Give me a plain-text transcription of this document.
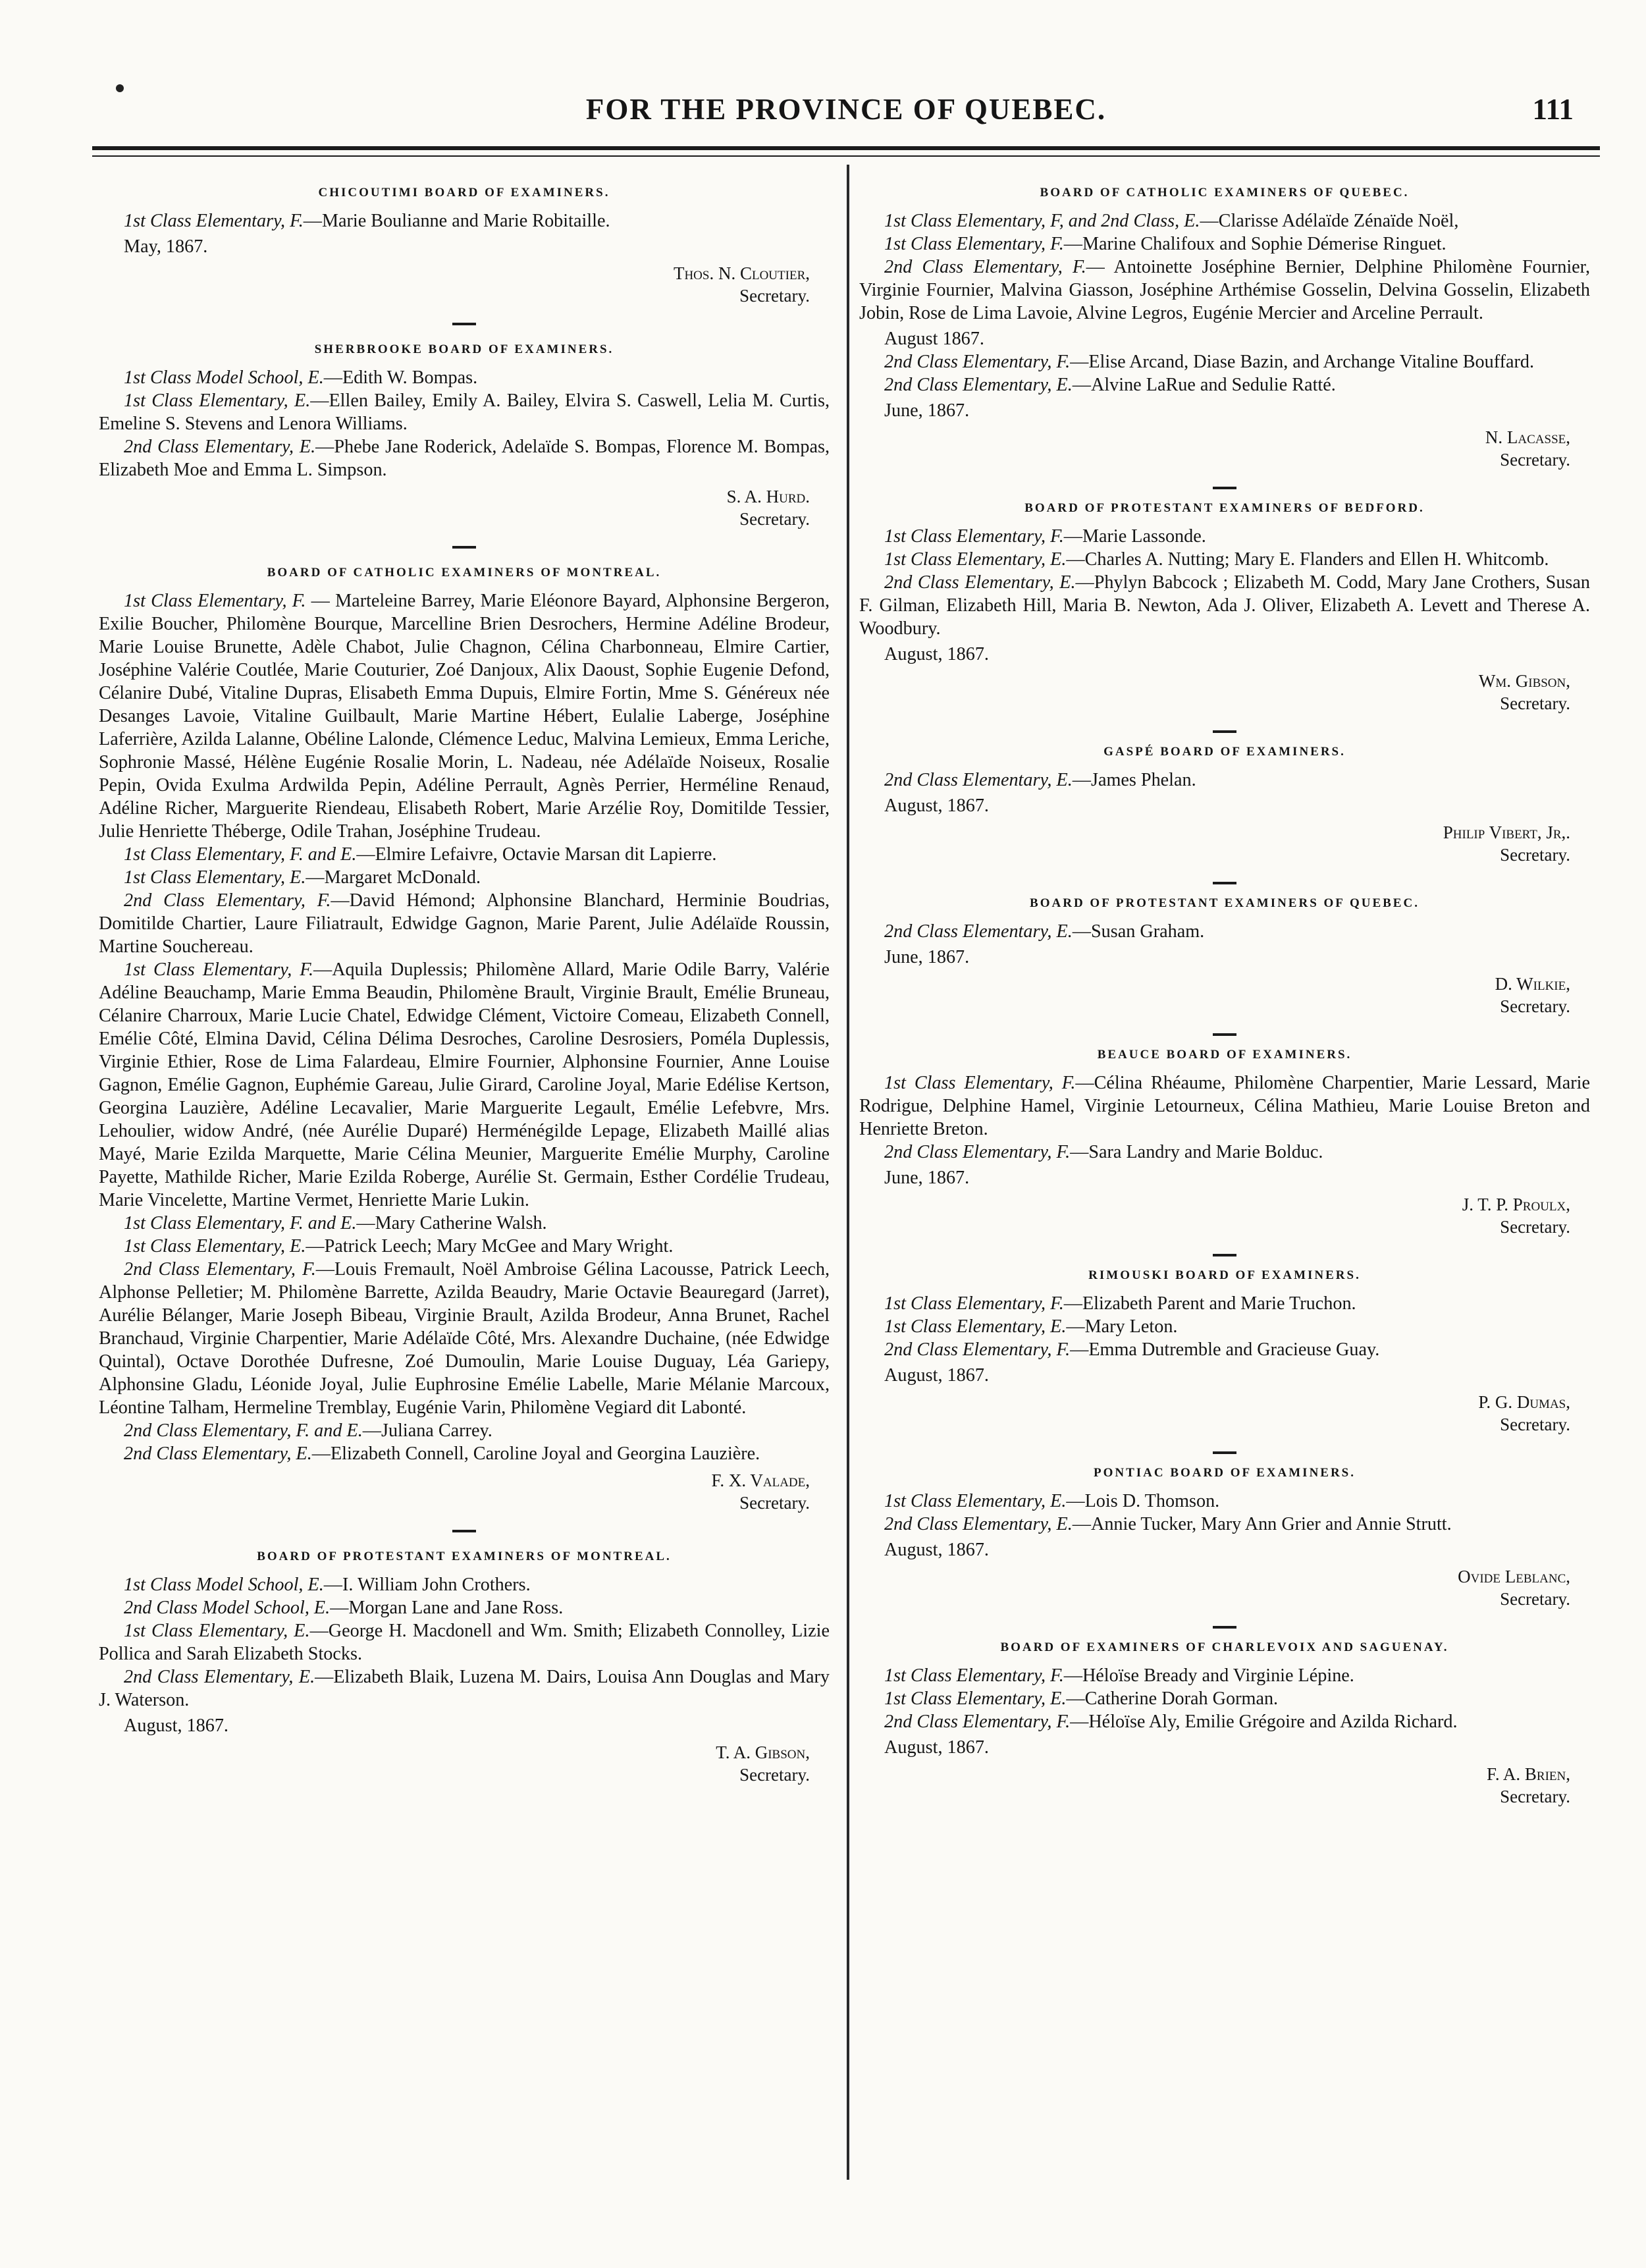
FOR THE PROVINCE OF QUEBEC.	111
CHICOUTIMI BOARD OF EXAMINERS.

1st Class Elementary, F.—Marie Boulianne and Marie Robitaille.

May, 1867.
Thos. N. Cloutier,
Secretary.
SHERBROOKE BOARD OF EXAMINERS.

1st Class Model School, E.—Edith W. Bompas.

1st Class Elementary, E.—Ellen Bailey, Emily A. Bailey, Elvira S. Caswell, Lelia M. Curtis, Emeline S. Stevens and Lenora Williams.

2nd Class Elementary, E.—Phebe Jane Roderick, Adelaïde S. Bompas, Florence M. Bompas, Elizabeth Moe and Emma L. Simpson.

S. A. Hurd.
Secretary.
BOARD OF CATHOLIC EXAMINERS OF MONTREAL.

1st Class Elementary, F. — Marteleine Barrey, Marie Eléonore Bayard, Alphonsine Bergeron, Exilie Boucher, Philomène Bourque, Marcelline Brien Desrochers, Hermine Adéline Brodeur, Marie Louise Brunette, Adèle Chabot, Julie Chagnon, Célina Charbonneau, Elmire Cartier, Joséphine Valérie Coutlée, Marie Couturier, Zoé Danjoux, Alix Daoust, Sophie Eugenie Defond, Célanire Dubé, Vitaline Dupras, Elisabeth Emma Dupuis, Elmire Fortin, Mme S. Généreux née Desanges Lavoie, Vitaline Guilbault, Marie Martine Hébert, Eulalie Laberge, Joséphine Laferrière, Azilda Lalanne, Obéline Lalonde, Clémence Leduc, Malvina Lemieux, Emma Leriche, Sophronie Massé, Hélène Eugénie Rosalie Morin, L. Nadeau, née Adélaïde Noiseux, Rosalie Pepin, Ovida Exulma Ardwilda Pepin, Adéline Perrault, Agnès Perrier, Herméline Renaud, Adéline Richer, Marguerite Riendeau, Elisabeth Robert, Marie Arzélie Roy, Domitilde Tessier, Julie Henriette Théberge, Odile Trahan, Joséphine Trudeau.

1st Class Elementary, F. and E.—Elmire Lefaivre, Octavie Marsan dit Lapierre.

1st Class Elementary, E.—Margaret McDonald.

2nd Class Elementary, F.—David Hémond; Alphonsine Blanchard, Herminie Boudrias, Domitilde Chartier, Laure Filiatrault, Edwidge Gagnon, Marie Parent, Julie Adélaïde Roussin, Martine Souchereau.

1st Class Elementary, F.—Aquila Duplessis; Philomène Allard, Marie Odile Barry, Valérie Adéline Beauchamp, Marie Emma Beaudin, Philomène Brault, Virginie Brault, Emélie Bruneau, Célanire Charroux, Marie Lucie Chatel, Edwidge Clément, Victoire Comeau, Elizabeth Connell, Emélie Côté, Elmina David, Célina Délima Desroches, Caroline Desrosiers, Poméla Duplessis, Virginie Ethier, Rose de Lima Falardeau, Elmire Fournier, Alphonsine Fournier, Anne Louise Gagnon, Emélie Gagnon, Euphémie Gareau, Julie Girard, Caroline Joyal, Marie Edélise Kertson, Georgina Lauzière, Adéline Lecavalier, Marie Marguerite Legault, Emélie Lefebvre, Mrs. Lehoulier, widow André, (née Aurélie Duparé) Herménégilde Lepage, Elizabeth Maillé alias Mayé, Marie Ezilda Marquette, Marie Célina Meunier, Marguerite Emélie Murphy, Caroline Payette, Mathilde Richer, Marie Ezilda Roberge, Aurélie St. Germain, Esther Cordélie Trudeau, Marie Vincelette, Martine Vermet, Henriette Marie Lukin.

1st Class Elementary, F. and E.—Mary Catherine Walsh.

1st Class Elementary, E.—Patrick Leech; Mary McGee and Mary Wright.

2nd Class Elementary, F.—Louis Fremault, Noël Ambroise Gélina Lacousse, Patrick Leech, Alphonse Pelletier; M. Philomène Barrette, Azilda Beaudry, Marie Octavie Beauregard (Jarret), Aurélie Bélanger, Marie Joseph Bibeau, Virginie Brault, Azilda Brodeur, Anna Brunet, Rachel Branchaud, Virginie Charpentier, Marie Adélaïde Côté, Mrs. Alexandre Duchaine, (née Edwidge Quintal), Octave Dorothée Dufresne, Zoé Dumoulin, Marie Louise Duguay, Léa Gariepy, Alphonsine Gladu, Léonide Joyal, Julie Euphrosine Emélie Labelle, Marie Mélanie Marcoux, Léontine Talham, Hermeline Tremblay, Eugénie Varin, Philomène Vegiard dit Labonté.

2nd Class Elementary, F. and E.—Juliana Carrey.

2nd Class Elementary, E.—Elizabeth Connell, Caroline Joyal and Georgina Lauzière.

F. X. Valade,
Secretary.
BOARD OF PROTESTANT EXAMINERS OF MONTREAL.

1st Class Model School, E.—I. William John Crothers.

2nd Class Model School, E.—Morgan Lane and Jane Ross.

1st Class Elementary, E.—George H. Macdonell and Wm. Smith; Elizabeth Connolley, Lizie Pollica and Sarah Elizabeth Stocks.

2nd Class Elementary, E.—Elizabeth Blaik, Luzena M. Dairs, Louisa Ann Douglas and Mary J. Waterson.

August, 1867.
T. A. Gibson,
Secretary.
BOARD OF CATHOLIC EXAMINERS OF QUEBEC.

1st Class Elementary, F, and 2nd Class, E.—Clarisse Adélaïde Zénaïde Noël,

1st Class Elementary, F.—Marine Chalifoux and Sophie Démerise Ringuet.

2nd Class Elementary, F.— Antoinette Joséphine Bernier, Delphine Philomène Fournier, Virginie Fournier, Malvina Giasson, Joséphine Arthémise Gosselin, Delvina Gosselin, Elizabeth Jobin, Rose de Lima Lavoie, Alvine Legros, Eugénie Mercier and Arceline Perrault.

August 1867.

2nd Class Elementary, F.—Elise Arcand, Diase Bazin, and Archange Vitaline Bouffard.

2nd Class Elementary, E.—Alvine LaRue and Sedulie Ratté.

June, 1867.
N. Lacasse,
Secretary.
BOARD OF PROTESTANT EXAMINERS OF BEDFORD.

1st Class Elementary, F.—Marie Lassonde.

1st Class Elementary, E.—Charles A. Nutting; Mary E. Flanders and Ellen H. Whitcomb.

2nd Class Elementary, E.—Phylyn Babcock ; Elizabeth M. Codd, Mary Jane Crothers, Susan F. Gilman, Elizabeth Hill, Maria B. Newton, Ada J. Oliver, Elizabeth A. Levett and Therese A. Woodbury.

August, 1867.
Wm. Gibson,
Secretary.
GASPÉ BOARD OF EXAMINERS.

2nd Class Elementary, E.—James Phelan.

August, 1867.
Philip Vibert, Jr,.
Secretary.
BOARD OF PROTESTANT EXAMINERS OF QUEBEC.

2nd Class Elementary, E.—Susan Graham.

June, 1867.
D. Wilkie,
Secretary.
BEAUCE BOARD OF EXAMINERS.

1st Class Elementary, F.—Célina Rhéaume, Philomène Charpentier, Marie Lessard, Marie Rodrigue, Delphine Hamel, Virginie Letourneux, Célina Mathieu, Marie Louise Breton and Henriette Breton.

2nd Class Elementary, F.—Sara Landry and Marie Bolduc.

June, 1867.
J. T. P. Proulx,
Secretary.
RIMOUSKI BOARD OF EXAMINERS.

1st Class Elementary, F.—Elizabeth Parent and Marie Truchon.

1st Class Elementary, E.—Mary Leton.

2nd Class Elementary, F.—Emma Dutremble and Gracieuse Guay.

August, 1867.
P. G. Dumas,
Secretary.
PONTIAC BOARD OF EXAMINERS.

1st Class Elementary, E.—Lois D. Thomson.

2nd Class Elementary, E.—Annie Tucker, Mary Ann Grier and Annie Strutt.

August, 1867.
Ovide Leblanc,
Secretary.
BOARD OF EXAMINERS OF CHARLEVOIX AND SAGUENAY.

1st Class Elementary, F.—Héloïse Bready and Virginie Lépine.

1st Class Elementary, E.—Catherine Dorah Gorman.

2nd Class Elementary, F.—Héloïse Aly, Emilie Grégoire and Azilda Richard.

August, 1867.
F. A. Brien,
Secretary.
